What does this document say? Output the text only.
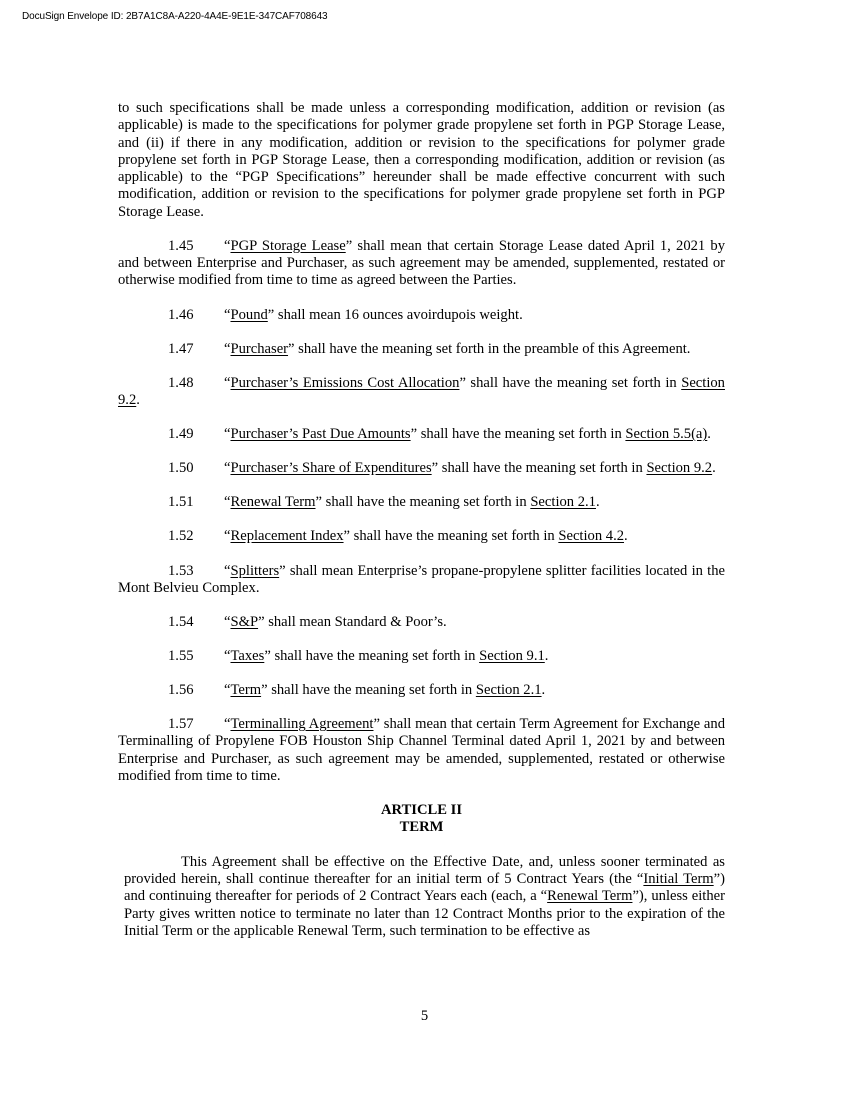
DocuSign Envelope ID: 2B7A1C8A-A220-4A4E-9E1E-347CAF708643

to such specifications shall be made unless a corresponding modification, addition or revision (as applicable) is made to the specifications for polymer grade propylene set forth in PGP Storage Lease, and (ii) if there in any modification, addition or revision to the specifications for polymer grade propylene set forth in PGP Storage Lease, then a corresponding modification, addition or revision (as applicable) to the “PGP Specifications” hereunder shall be made effective concurrent with such modification, addition or revision to the specifications for polymer grade propylene set forth in PGP Storage Lease.

1.45 “PGP Storage Lease” shall mean that certain Storage Lease dated April 1, 2021 by and between Enterprise and Purchaser, as such agreement may be amended, supplemented, restated or otherwise modified from time to time as agreed between the Parties.

1.46 “Pound” shall mean 16 ounces avoirdupois weight.

1.47 “Purchaser” shall have the meaning set forth in the preamble of this Agreement.

1.48 “Purchaser’s Emissions Cost Allocation” shall have the meaning set forth in Section 9.2.

1.49 “Purchaser’s Past Due Amounts” shall have the meaning set forth in Section 5.5(a).

1.50 “Purchaser’s Share of Expenditures” shall have the meaning set forth in Section 9.2.

1.51 “Renewal Term” shall have the meaning set forth in Section 2.1.

1.52 “Replacement Index” shall have the meaning set forth in Section 4.2.

1.53 “Splitters” shall mean Enterprise’s propane-propylene splitter facilities located in the Mont Belvieu Complex.

1.54 “S&P” shall mean Standard & Poor’s.

1.55 “Taxes” shall have the meaning set forth in Section 9.1.

1.56 “Term” shall have the meaning set forth in Section 2.1.

1.57 “Terminalling Agreement” shall mean that certain Term Agreement for Exchange and Terminalling of Propylene FOB Houston Ship Channel Terminal dated April 1, 2021 by and between Enterprise and Purchaser, as such agreement may be amended, supplemented, restated or otherwise modified from time to time.

ARTICLE II
TERM

This Agreement shall be effective on the Effective Date, and, unless sooner terminated as provided herein, shall continue thereafter for an initial term of 5 Contract Years (the “Initial Term”) and continuing thereafter for periods of 2 Contract Years each (each, a “Renewal Term”), unless either Party gives written notice to terminate no later than 12 Contract Months prior to the expiration of the Initial Term or the applicable Renewal Term, such termination to be effective as

5
